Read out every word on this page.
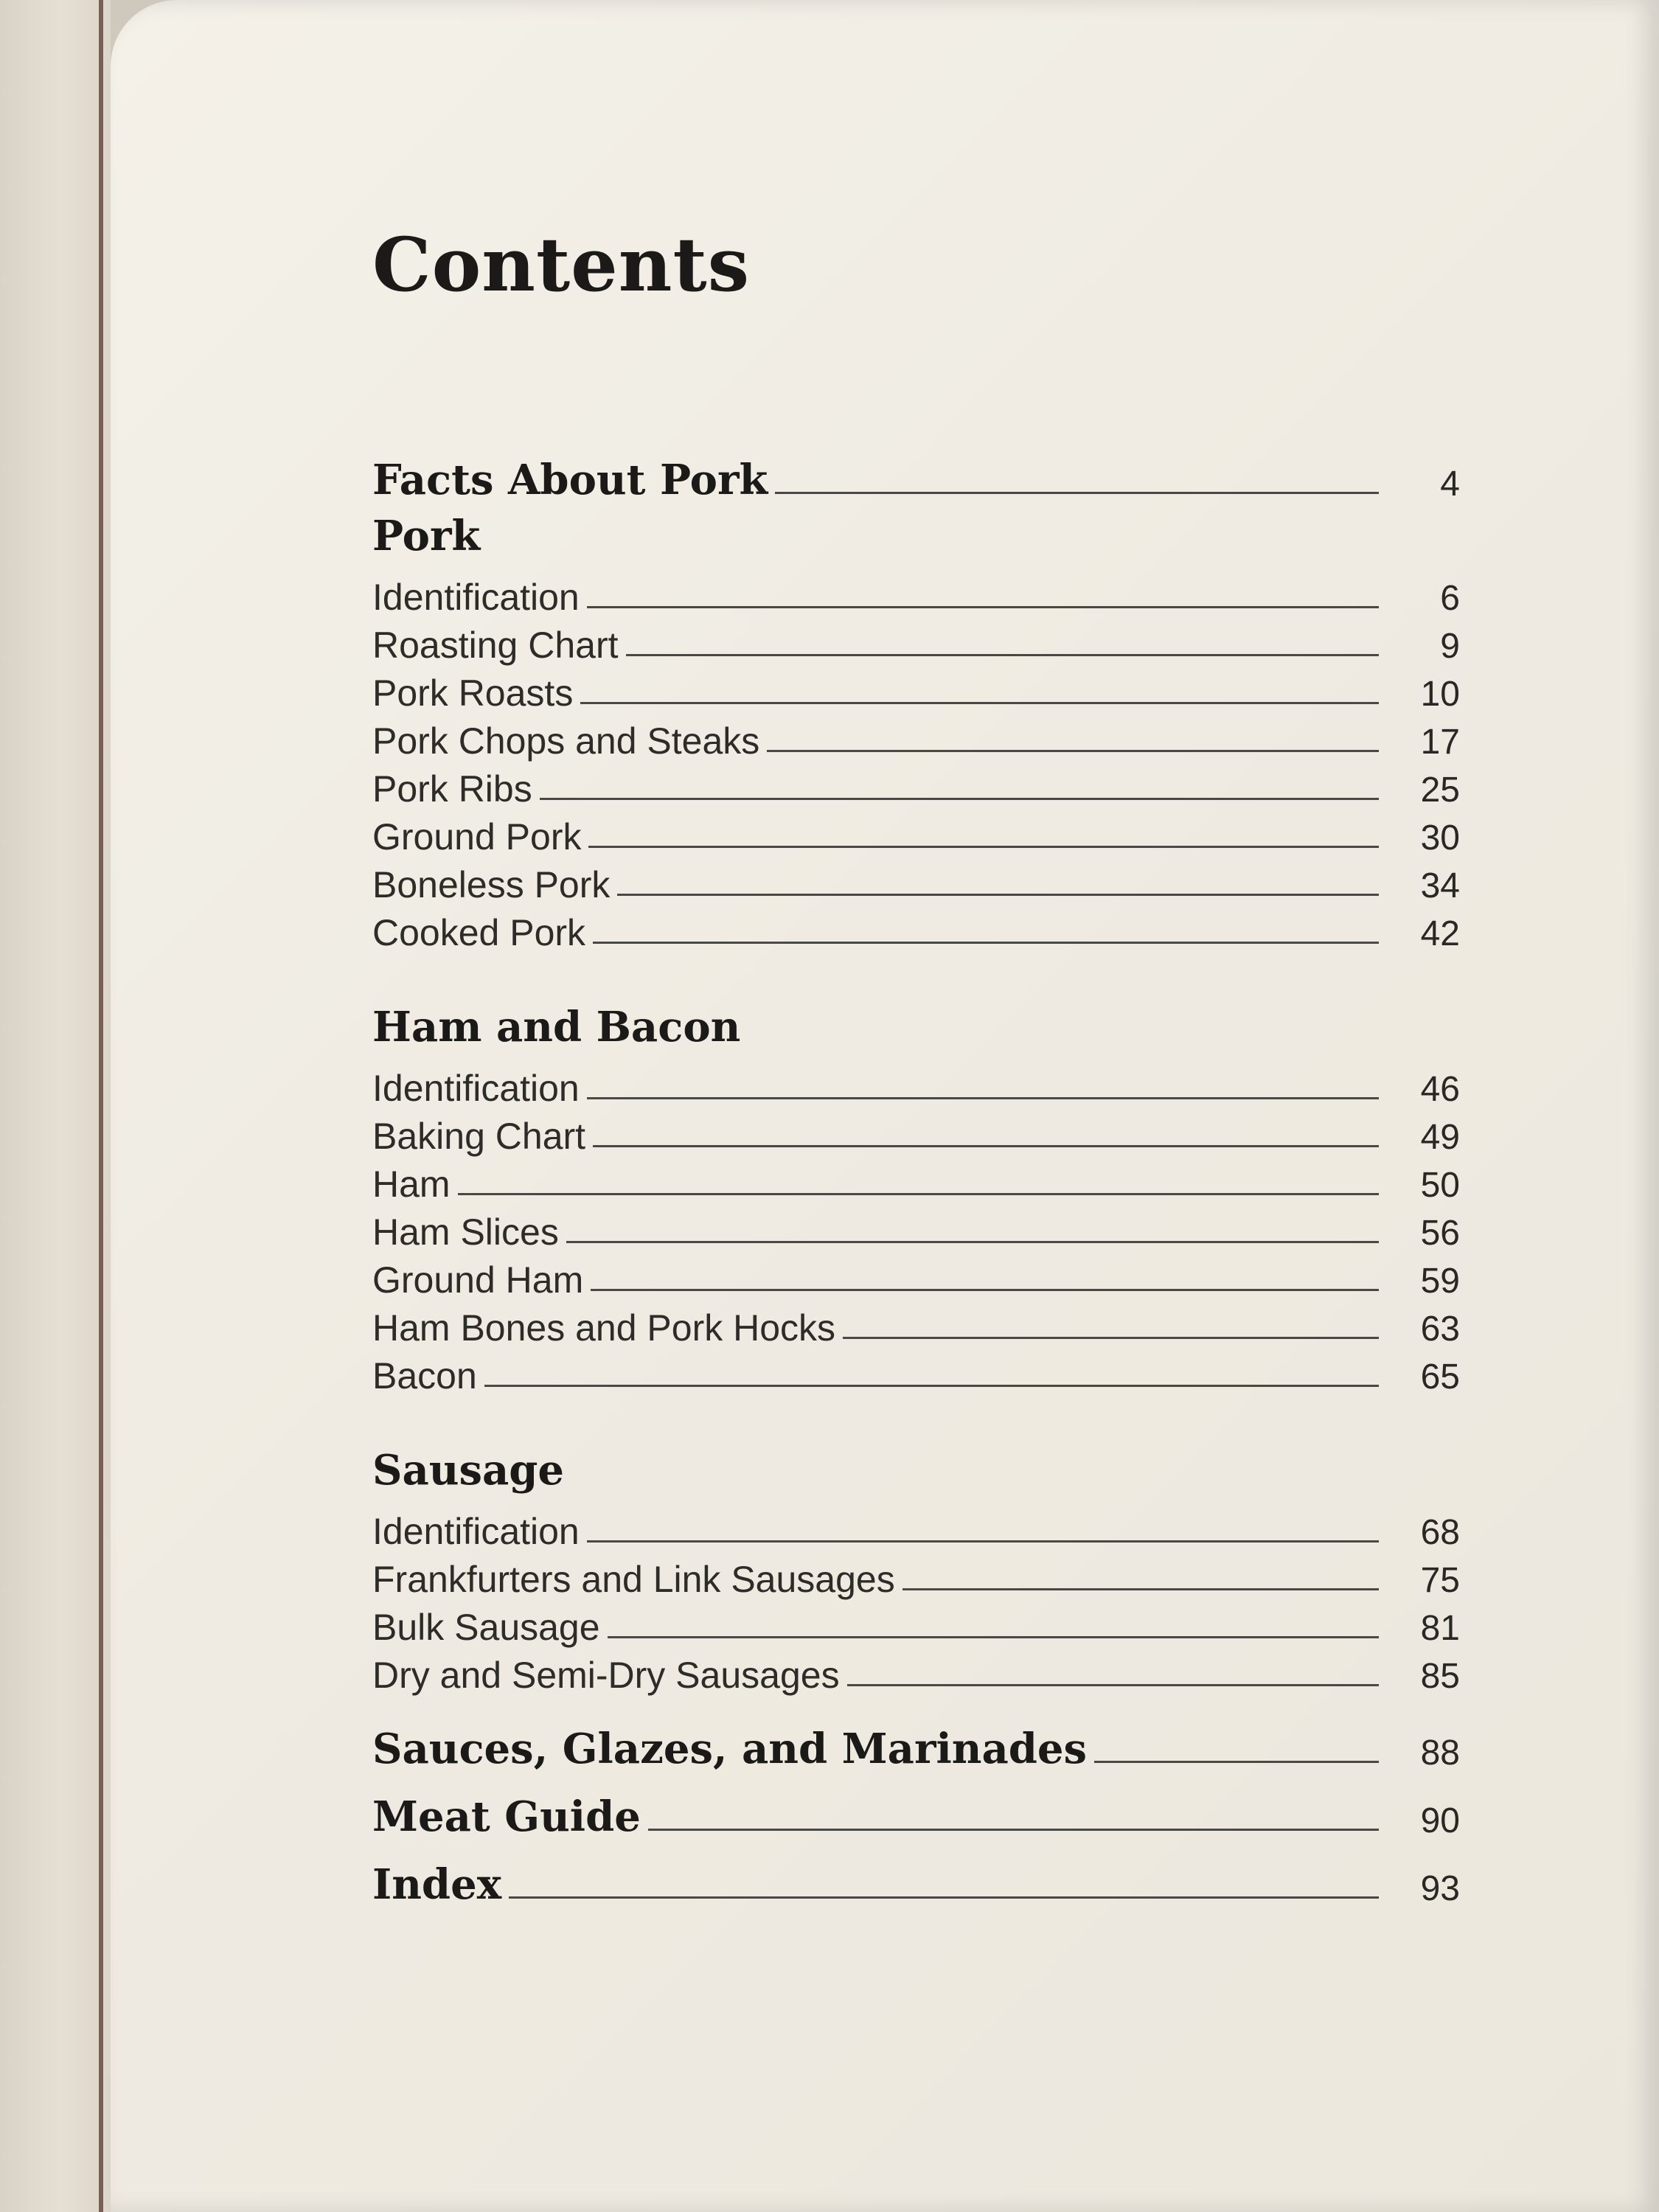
Contents
Facts About Pork	4
Pork
Identification	6
Roasting Chart	9
Pork Roasts	10
Pork Chops and Steaks	17
Pork Ribs	25
Ground Pork	30
Boneless Pork	34
Cooked Pork	42
Ham and Bacon
Identification	46
Baking Chart	49
Ham	50
Ham Slices	56
Ground Ham	59
Ham Bones and Pork Hocks	63
Bacon	65
Sausage
Identification	68
Frankfurters and Link Sausages	75
Bulk Sausage	81
Dry and Semi-Dry Sausages	85
Sauces, Glazes, and Marinades	88
Meat Guide	90
Index	93
